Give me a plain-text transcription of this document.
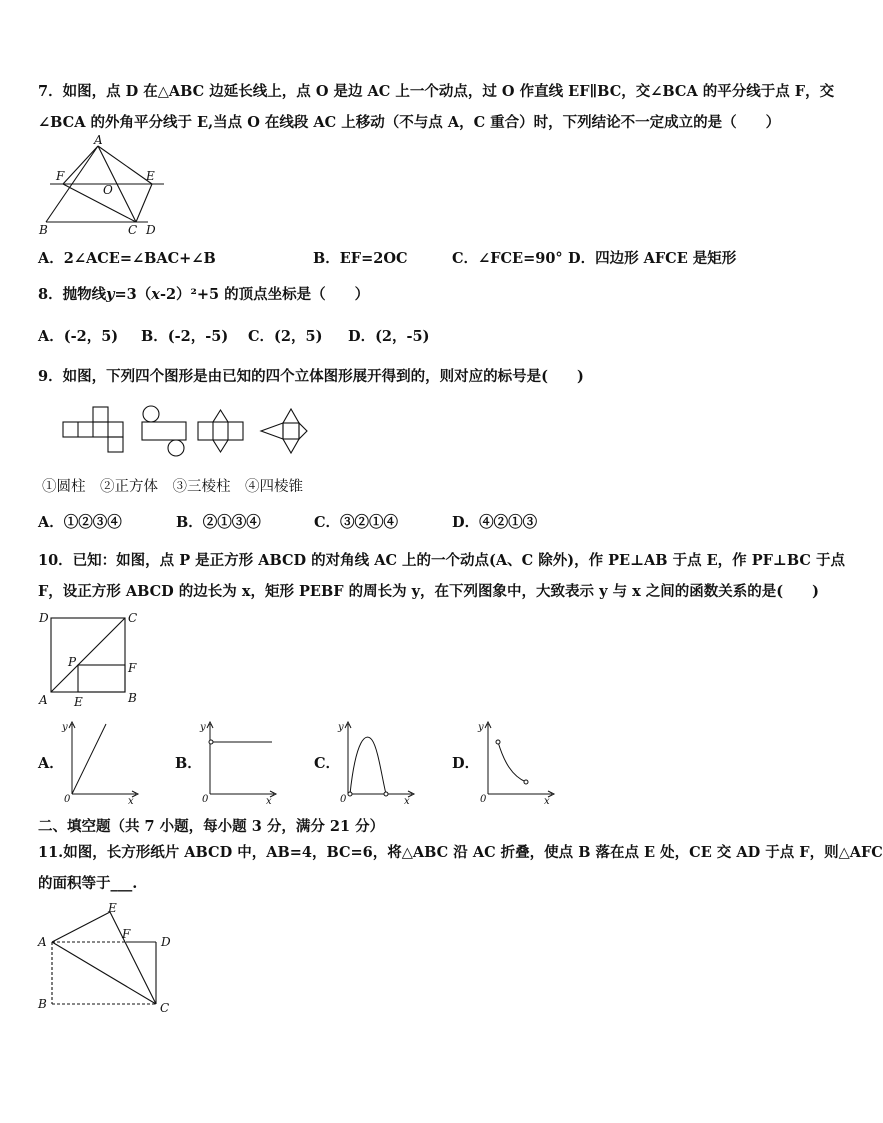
7．如图，点 D 在△ABC 边延长线上，点 O 是边 AC 上一个动点，过 O 作直线 EF∥BC，交∠BCA 的平分线于点 F，交
∠BCA 的外角平分线于 E,当点 O 在线段 AC 上移动（不与点 A，C 重合）时，下列结论不一定成立的是（　　）
A
B	C D
E
F
O
A．2∠ACE=∠BAC+∠B	B．EF=2OC	C．∠FCE=90° D．四边形 AFCE 是矩形
8．抛物线y=3（x-2）²+5 的顶点坐标是（　　）
A．(-2，5) B．(-2，-5) C．(2，5) D．(2，-5)
9．如图，下列四个图形是由已知的四个立体图形展开得到的，则对应的标号是(　　)
①圆柱　②正方体　③三棱柱　④四棱锥
A．①②③④	B．②①③④	C．③②①④	D．④②①③
10．已知：如图，点 P 是正方形 ABCD 的对角线 AC 上的一个动点(A、C 除外)，作 PE⊥AB 于点 E，作 PF⊥BC 于点
F，设正方形 ABCD 的边长为 x，矩形 PEBF 的周长为 y，在下列图象中，大致表示 y 与 x 之间的函数关系的是(　　)
D	C
P	F
A E	B
A．
y
0	x
B．
y
0	x
C．
y
0	x
D．
y
0	x
二、填空题（共 7 小题，每小题 3 分，满分 21 分）
11.如图，长方形纸片 ABCD 中，AB=4，BC=6，将△ABC 沿 AC 折叠，使点 B 落在点 E 处，CE 交 AD 于点 F，则△AFC
的面积等于___.
E
F
A	D
B	C
